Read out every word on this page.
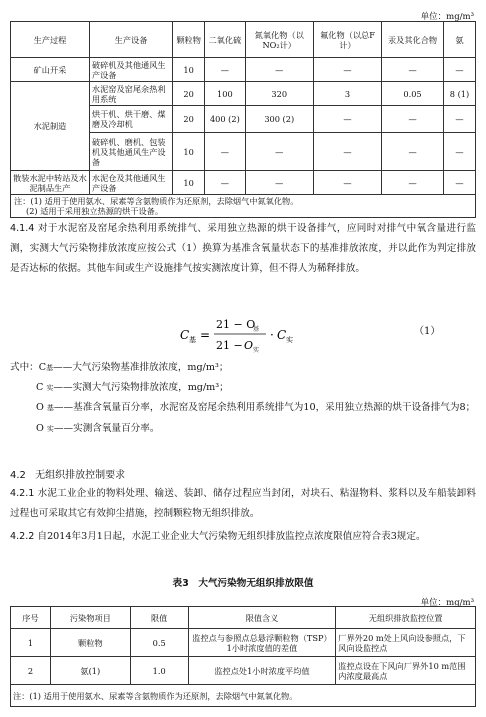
单位：mg/m³
生产过程	生产设备	颗粒物	二氧化硫	氮氧化物（以NO₂计）	氟化物（以总F计）	汞及其化合物	氨
矿山开采	破碎机及其他通风生产设备	10	—	—	—	—	—
水泥制造	水泥窑及窑尾余热利用系统	20	100	320	3	0.05	8 (1)
	烘干机、烘干磨、煤磨及冷却机	20	400 (2)	300 (2)	—	—	—
	破碎机、磨机、包装机及其他通风生产设备	10	—	—	—	—	—
散装水泥中转站及水泥制品生产	水泥仓及其他通风生产设备	10	—	—	—	—	—

注：(1) 适用于使用氨水、尿素等含氨物质作为还原剂，去除烟气中氮氧化物。
(2) 适用于采用独立热源的烘干设备。							
4.1.4 对于水泥窑及窑尾余热利用系统排气、采用独立热源的烘干设备排气，应同时对排气中氧含量进行监测，实测大气污染物排放浓度应按公式（1）换算为基准含氧量状态下的基准排放浓度，并以此作为判定排放是否达标的依据。其他车间或生产设施排气按实测浓度计算，但不得人为稀释排放。
C 基 =
21 − O
基
21 − O 实
· C 实
（1）
式中：C基——大气污染物基准排放浓度，mg/m³；
C 实——实测大气污染物排放浓度，mg/m³；
O 基——基准含氧量百分率，水泥窑及窑尾余热利用系统排气为10，采用独立热源的烘干设备排气为8；
O 实——实测含氧量百分率。
4.2 无组织排放控制要求
4.2.1 水泥工业企业的物料处理、输送、装卸、储存过程应当封闭，对块石、粘湿物料、浆料以及车船装卸料过程也可采取其它有效抑尘措施，控制颗粒物无组织排放。
4.2.2 自2014年3月1日起，水泥工业企业大气污染物无组织排放监控点浓度限值应符合表3规定。
表3　大气污染物无组织排放限值
单位：mg/m³
序号	污染物项目	限值	限值含义	无组织排放监控位置
1	颗粒物	0.5	监控点与参照点总悬浮颗粒物（TSP）1小时浓度值的差值	厂界外20 m处上风向设参照点，下风向设监控点
2	氨(1)	1.0	监控点处1小时浓度平均值	监控点设在下风向厂界外10 m范围内浓度最高点
注：(1) 适用于使用氨水、尿素等含氨物质作为还原剂，去除烟气中氮氧化物。				
